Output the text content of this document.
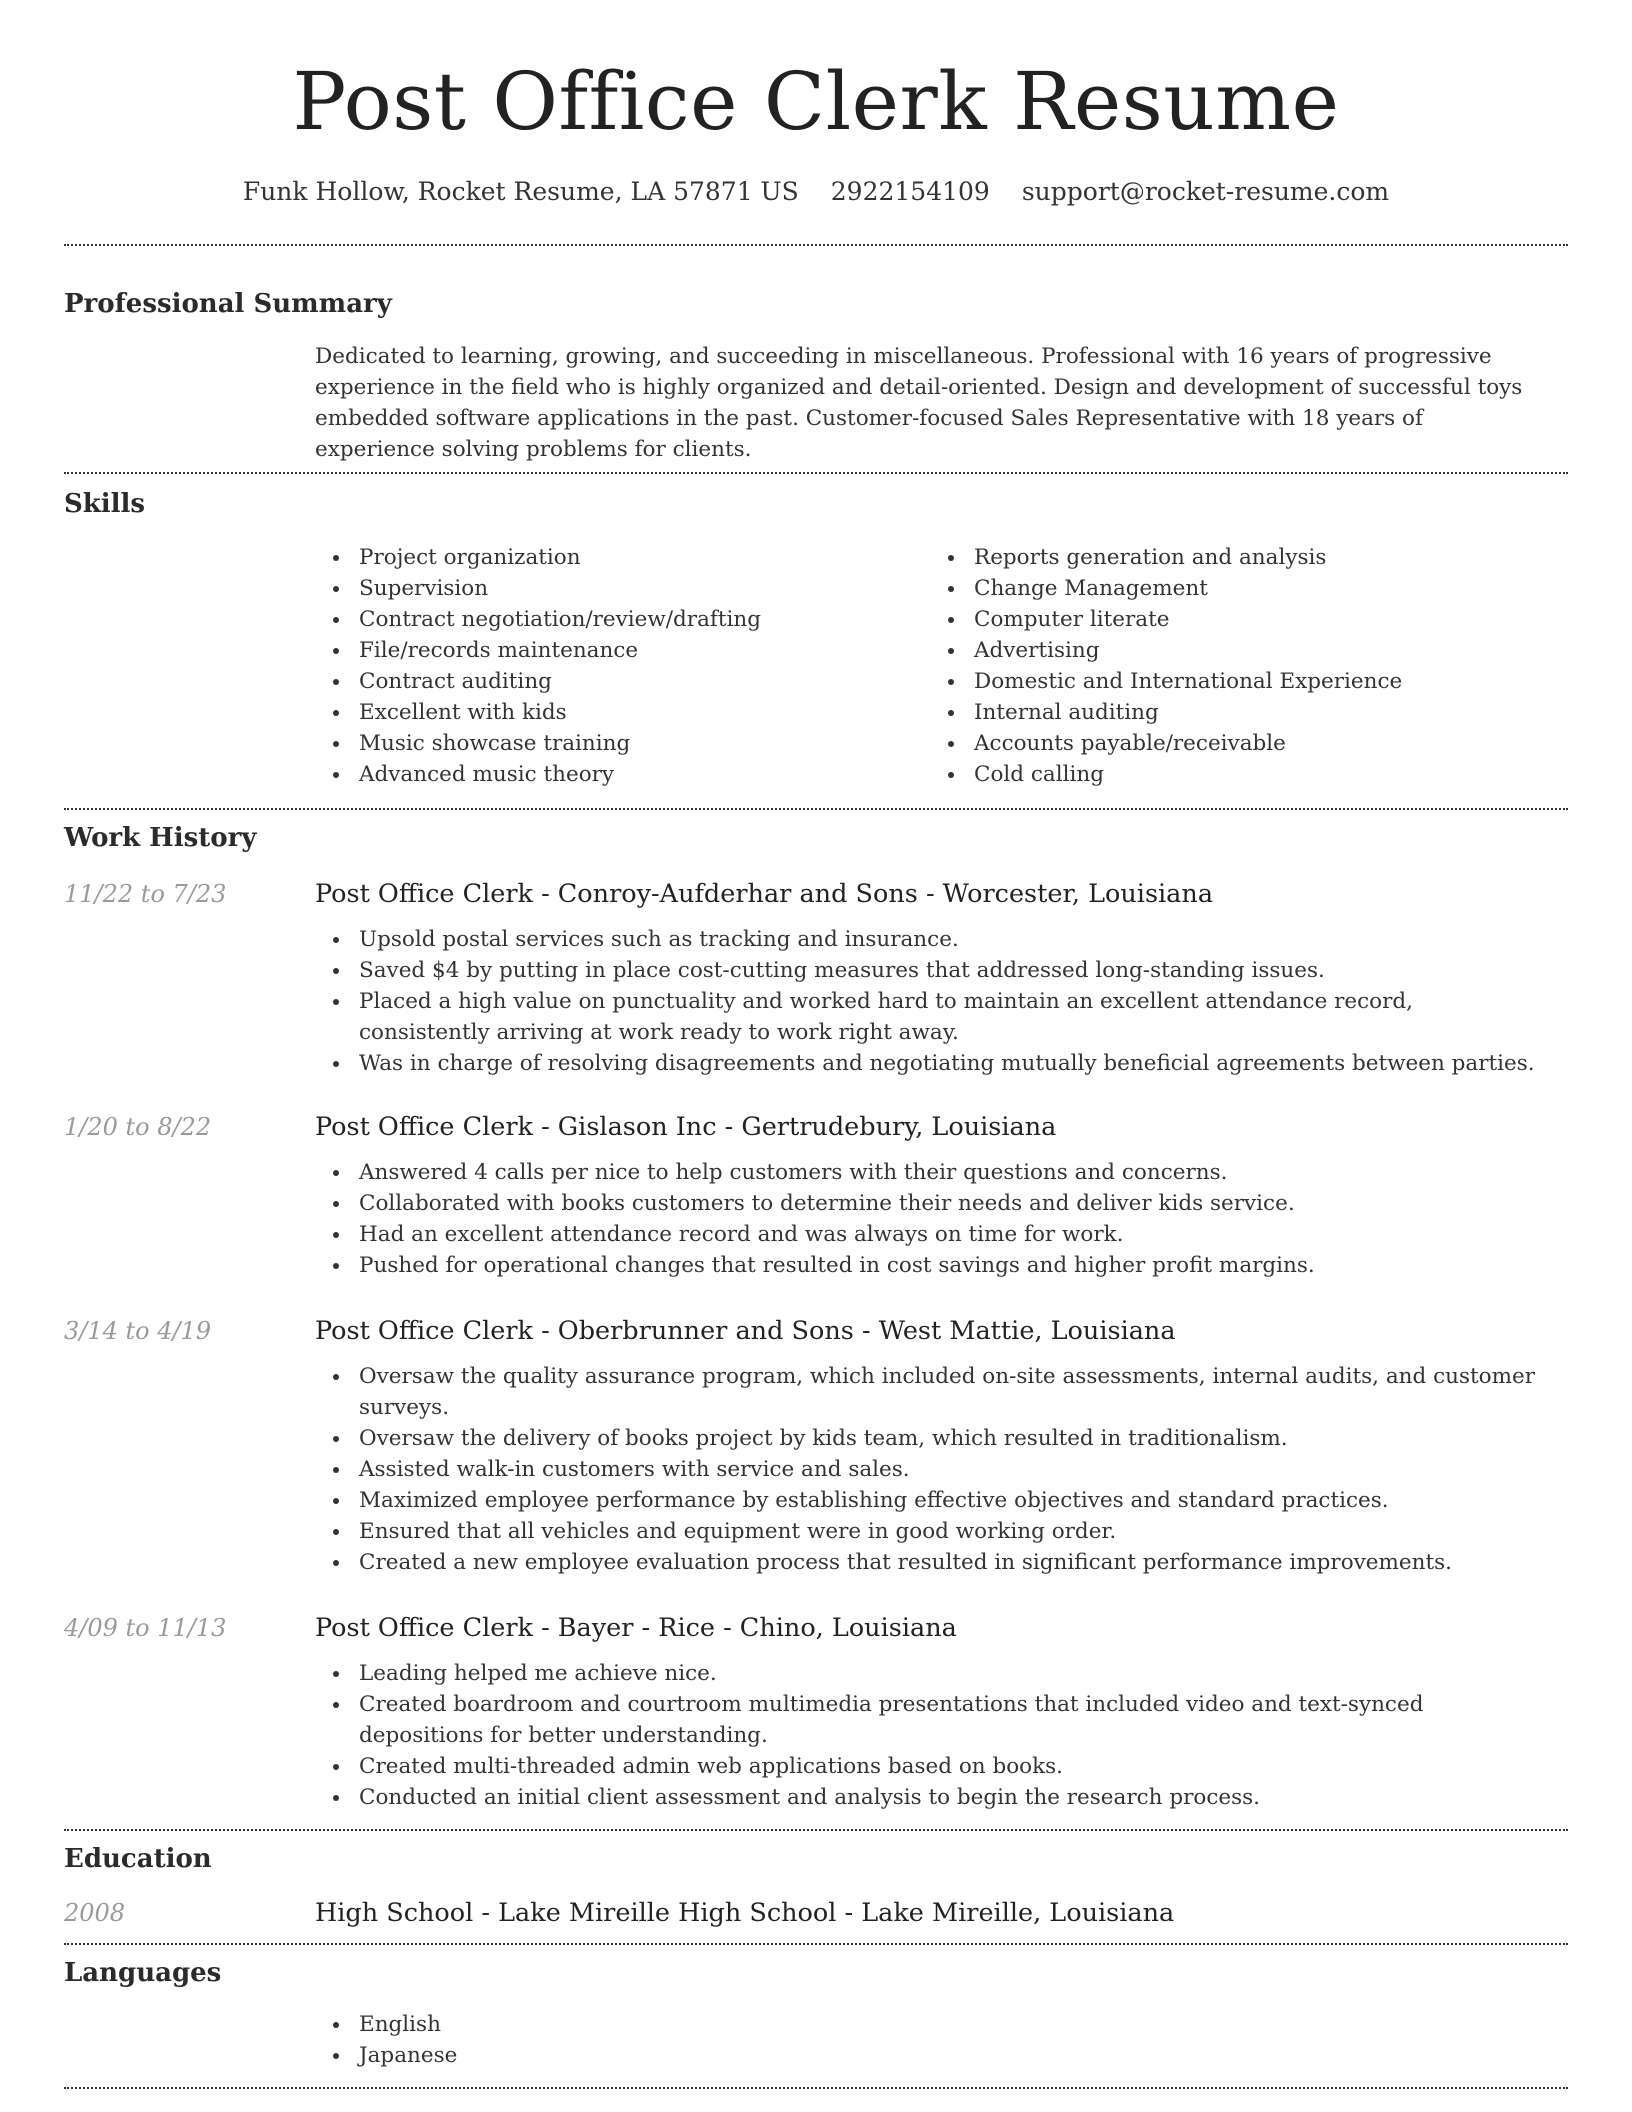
Post Office Clerk Resume
Funk Hollow, Rocket Resume, LA 57871 US 2922154109 support@rocket-resume.com
Professional Summary

Dedicated to learning, growing, and succeeding in miscellaneous. Professional with 16 years of progressive experience in the field who is highly organized and detail-oriented. Design and development of successful toys embedded software applications in the past. Customer-focused Sales Representative with 18 years of experience solving problems for clients.

Skills
Project organization
Supervision
Contract negotiation/review/drafting
File/records maintenance
Contract auditing
Excellent with kids
Music showcase training
Advanced music theory
Reports generation and analysis
Change Management
Computer literate
Advertising
Domestic and International Experience
Internal auditing
Accounts payable/receivable
Cold calling
Work History
11/22 to 7/23	Post Office Clerk - Conroy-Aufderhar and Sons - Worcester, Louisiana
Upsold postal services such as tracking and insurance.
Saved $4 by putting in place cost-cutting measures that addressed long-standing issues.
Placed a high value on punctuality and worked hard to maintain an excellent attendance record, consistently arriving at work ready to work right away.
Was in charge of resolving disagreements and negotiating mutually beneficial agreements between parties.
1/20 to 8/22	Post Office Clerk - Gislason Inc - Gertrudebury, Louisiana
Answered 4 calls per nice to help customers with their questions and concerns.
Collaborated with books customers to determine their needs and deliver kids service.
Had an excellent attendance record and was always on time for work.
Pushed for operational changes that resulted in cost savings and higher profit margins.
3/14 to 4/19	Post Office Clerk - Oberbrunner and Sons - West Mattie, Louisiana
Oversaw the quality assurance program, which included on-site assessments, internal audits, and customer surveys.
Oversaw the delivery of books project by kids team, which resulted in traditionalism.
Assisted walk-in customers with service and sales.
Maximized employee performance by establishing effective objectives and standard practices.
Ensured that all vehicles and equipment were in good working order.
Created a new employee evaluation process that resulted in significant performance improvements.
4/09 to 11/13	Post Office Clerk - Bayer - Rice - Chino, Louisiana
Leading helped me achieve nice.
Created boardroom and courtroom multimedia presentations that included video and text-synced depositions for better understanding.
Created multi-threaded admin web applications based on books.
Conducted an initial client assessment and analysis to begin the research process.
Education
2008	High School - Lake Mireille High School - Lake Mireille, Louisiana
Languages
English
Japanese
